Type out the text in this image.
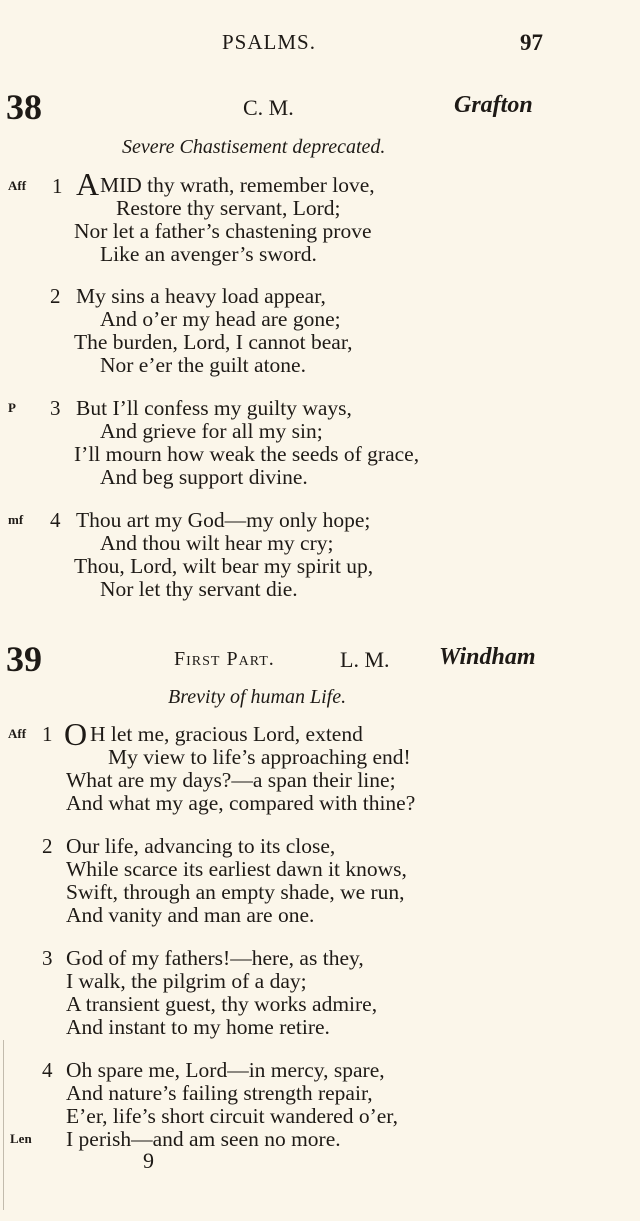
PSALMS.	97
38	C. M.	Grafton
Severe Chastisement deprecated.
Aff 1 A MID thy wrath, remember love,
Restore thy servant, Lord;
Nor let a father’s chastening prove
Like an avenger’s sword.
2 My sins a heavy load appear,
And o’er my head are gone;
The burden, Lord, I cannot bear,
Nor e’er the guilt atone.
P 3 But I’ll confess my guilty ways,
And grieve for all my sin;
I’ll mourn how weak the seeds of grace,
And beg support divine.
mf 4 Thou art my God—my only hope;
And thou wilt hear my cry;
Thou, Lord, wilt bear my spirit up,
Nor let thy servant die.
39	First Part.	L. M. Windham
Brevity of human Life.
Aff 1 O H let me, gracious Lord, extend
My view to life’s approaching end!
What are my days?—a span their line;
And what my age, compared with thine?
2 Our life, advancing to its close,
While scarce its earliest dawn it knows,
Swift, through an empty shade, we run,
And vanity and man are one.
3 God of my fathers!—here, as they,
I walk, the pilgrim of a day;
A transient guest, thy works admire,
And instant to my home retire.
4 Oh spare me, Lord—in mercy, spare,
And nature’s failing strength repair,
E’er, life’s short circuit wandered o’er,
Len I perish—and am seen no more.
9
